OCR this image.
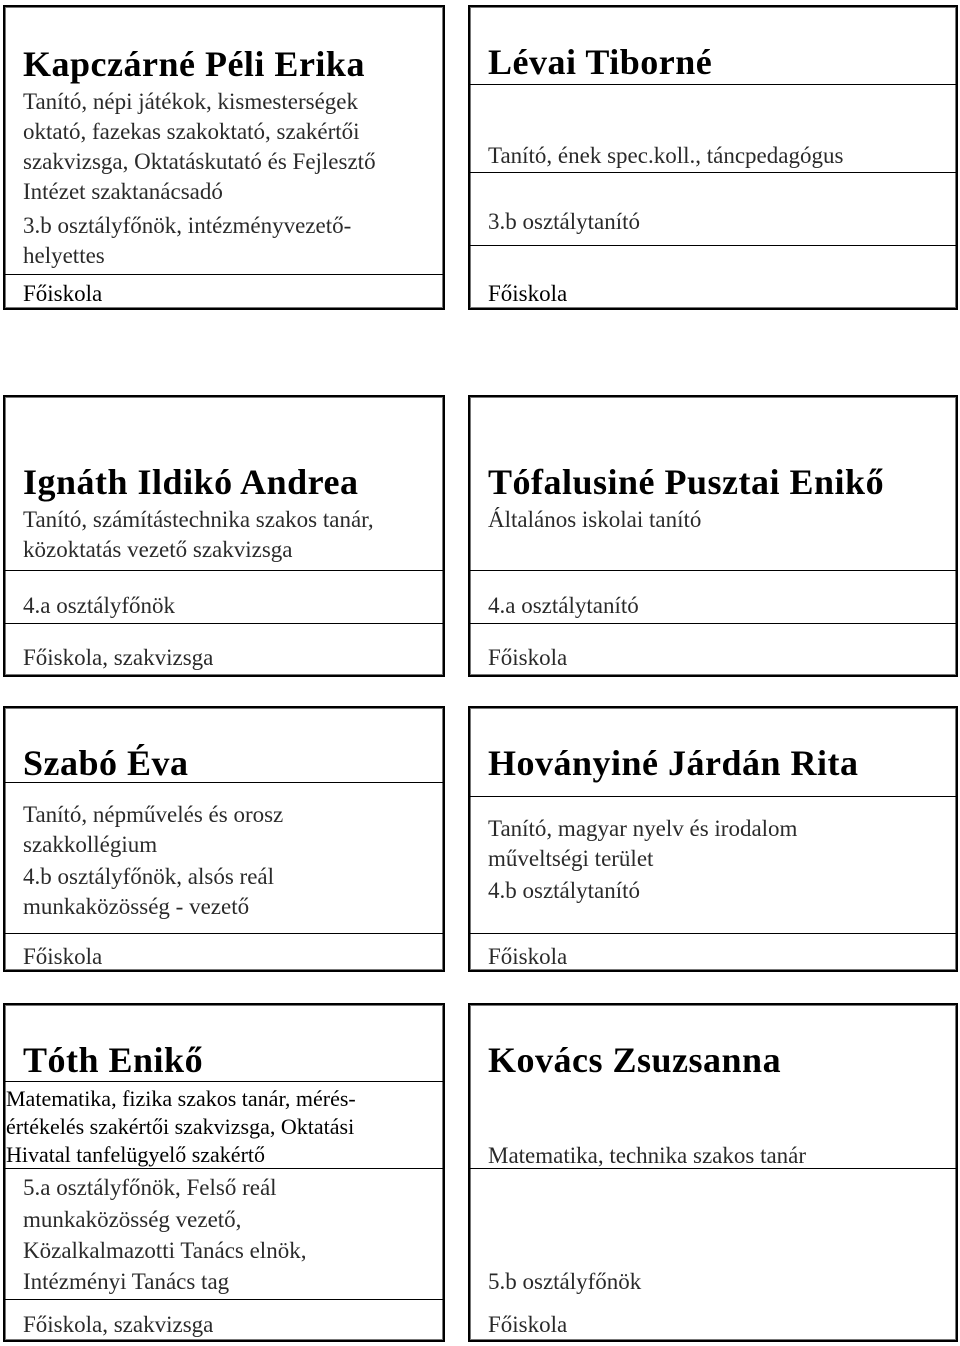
Kapczárné Péli Erika
Tanító, népi játékok, kismesterségek
oktató, fazekas szakoktató, szakértői
szakvizsga, Oktatáskutató és Fejlesztő
Intézet szaktanácsadó
3.b osztályfőnök, intézményvezető-
helyettes
Főiskola
Lévai Tiborné
Tanító, ének spec.koll., táncpedagógus
3.b osztálytanító
Főiskola
Ignáth Ildikó Andrea
Tanító, számítástechnika szakos tanár,
közoktatás vezető szakvizsga
4.a osztályfőnök
Főiskola, szakvizsga
Tófalusiné Pusztai Enikő
Általános iskolai tanító
4.a osztálytanító
Főiskola
Szabó Éva
Tanító, népművelés és orosz
szakkollégium
4.b osztályfőnök, alsós reál
munkaközösség - vezető
Főiskola
Hoványiné Járdán Rita
Tanító, magyar nyelv és irodalom
műveltségi terület
4.b osztálytanító
Főiskola
Tóth Enikő
Matematika, fizika szakos tanár, mérés-
értékelés szakértői szakvizsga, Oktatási
Hivatal tanfelügyelő szakértő
5.a osztályfőnök, Felső reál
munkaközösség vezető,
Közalkalmazotti Tanács elnök,
Intézményi Tanács tag
Főiskola, szakvizsga
Kovács Zsuzsanna
Matematika, technika szakos tanár
5.b osztályfőnök
Főiskola
